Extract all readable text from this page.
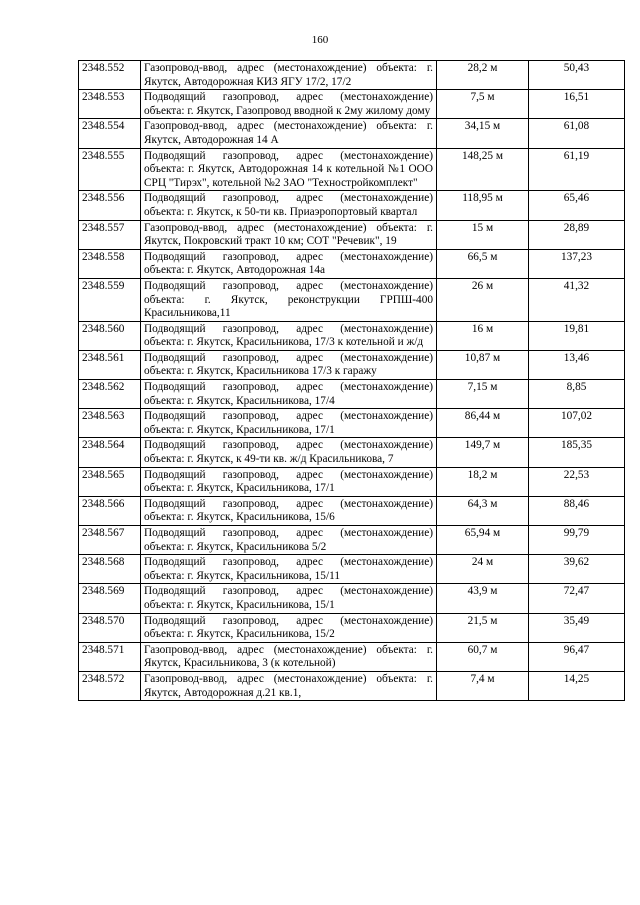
160
2348.552	Газопровод-ввод, адрес (местонахождение) объекта: г. Якутск, Автодорожная КИЗ ЯГУ 17/2, 17/2	28,2 м	50,43
2348.553	Подводящий газопровод, адрес (местонахождение) объекта: г. Якутск, Газопровод вводной к 2му жилому дому	7,5 м	16,51
2348.554	Газопровод-ввод, адрес (местонахождение) объекта: г. Якутск, Автодорожная 14 А	34,15 м	61,08
2348.555	Подводящий газопровод, адрес (местонахождение) объекта: г. Якутск, Автодорожная 14 к котельной №1 ООО СРЦ "Тирэх", котельной №2 ЗАО "Техностройкомплект"	148,25 м	61,19
2348.556	Подводящий газопровод, адрес (местонахождение) объекта: г. Якутск, к 50-ти кв. Приаэропортовый квартал	118,95 м	65,46
2348.557	Газопровод-ввод, адрес (местонахождение) объекта: г. Якутск, Покровский тракт 10 км; СОТ "Речевик", 19	15 м	28,89
2348.558	Подводящий газопровод, адрес (местонахождение) объекта: г. Якутск, Автодорожная 14а	66,5 м	137,23
2348.559	Подводящий газопровод, адрес (местонахождение) объекта: г. Якутск, реконструкции ГРПШ-400 Красильникова,11	26 м	41,32
2348.560	Подводящий газопровод, адрес (местонахождение) объекта: г. Якутск, Красильникова, 17/3 к котельной и ж/д	16 м	19,81
2348.561	Подводящий газопровод, адрес (местонахождение) объекта: г. Якутск, Красильникова 17/3 к гаражу	10,87 м	13,46
2348.562	Подводящий газопровод, адрес (местонахождение) объекта: г. Якутск, Красильникова, 17/4	7,15 м	8,85
2348.563	Подводящий газопровод, адрес (местонахождение) объекта: г. Якутск, Красильникова, 17/1	86,44 м	107,02
2348.564	Подводящий газопровод, адрес (местонахождение) объекта: г. Якутск, к 49-ти кв. ж/д Красильникова, 7	149,7 м	185,35
2348.565	Подводящий газопровод, адрес (местонахождение) объекта: г. Якутск, Красильникова, 17/1	18,2 м	22,53
2348.566	Подводящий газопровод, адрес (местонахождение) объекта: г. Якутск, Красильникова, 15/6	64,3 м	88,46
2348.567	Подводящий газопровод, адрес (местонахождение) объекта: г. Якутск, Красильникова 5/2	65,94 м	99,79
2348.568	Подводящий газопровод, адрес (местонахождение) объекта: г. Якутск, Красильникова, 15/11	24 м	39,62
2348.569	Подводящий газопровод, адрес (местонахождение) объекта: г. Якутск, Красильникова, 15/1	43,9 м	72,47
2348.570	Подводящий газопровод, адрес (местонахождение) объекта: г. Якутск, Красильникова, 15/2	21,5 м	35,49
2348.571	Газопровод-ввод, адрес (местонахождение) объекта: г. Якутск, Красильникова, 3 (к котельной)	60,7 м	96,47
2348.572	Газопровод-ввод, адрес (местонахождение) объекта: г. Якутск, Автодорожная д.21 кв.1,	7,4 м	14,25
